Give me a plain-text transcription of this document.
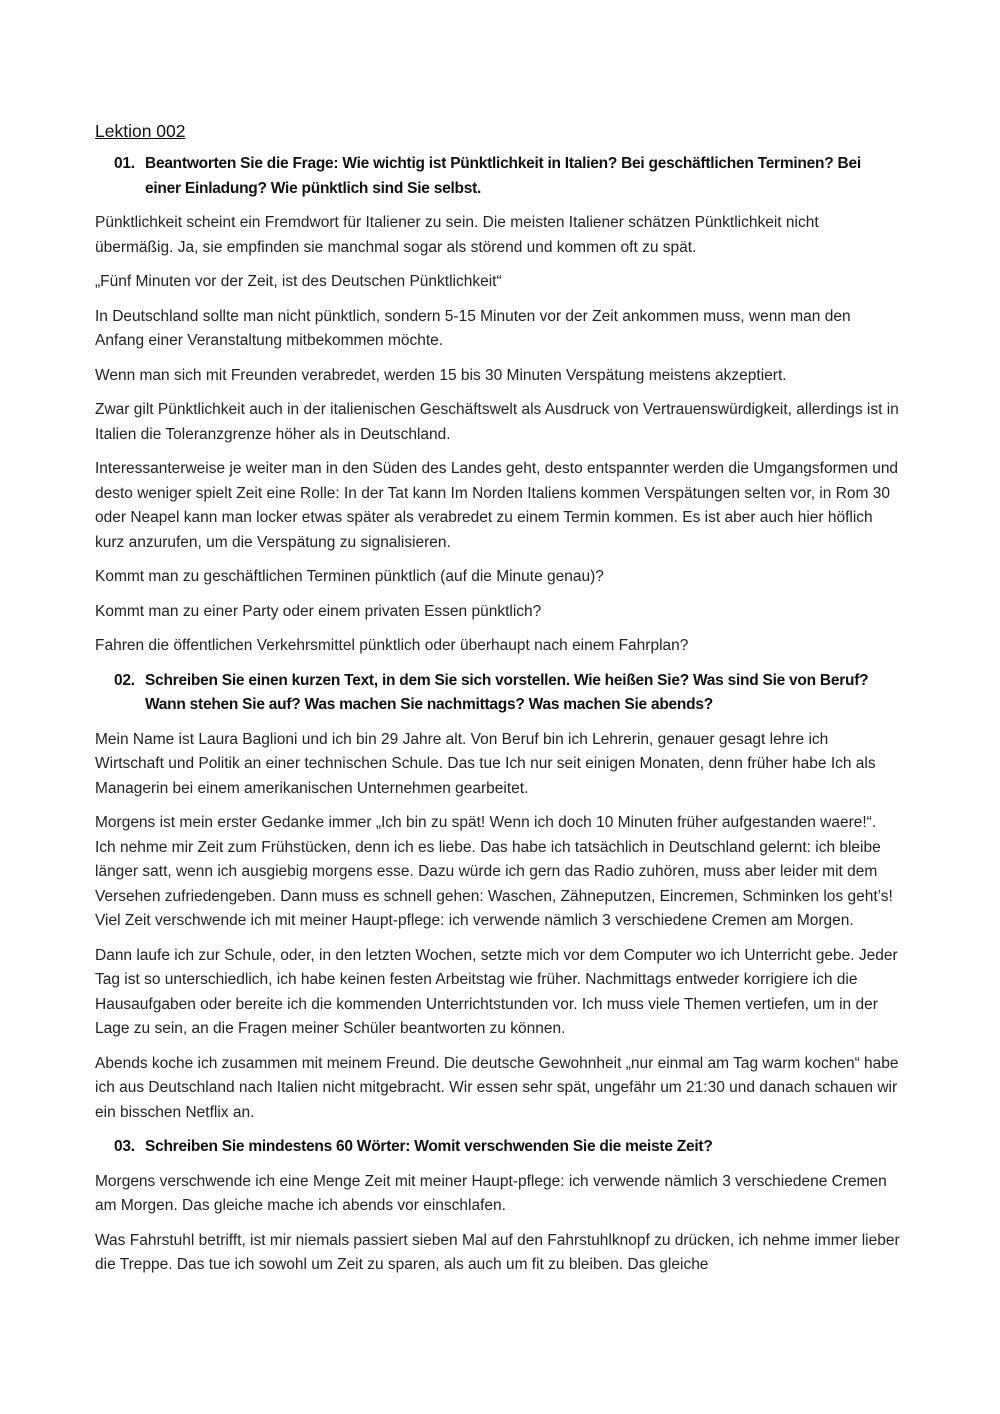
Lektion 002
01. Beantworten Sie die Frage: Wie wichtig ist Pünktlichkeit in Italien? Bei geschäftlichen Terminen? Bei einer Einladung? Wie pünktlich sind Sie selbst.

Pünktlichkeit scheint ein Fremdwort für Italiener zu sein. Die meisten Italiener schätzen Pünktlichkeit nicht übermäßig. Ja, sie empfinden sie manchmal sogar als störend und kommen oft zu spät.

„Fünf Minuten vor der Zeit, ist des Deutschen Pünktlichkeit“

In Deutschland sollte man nicht pünktlich, sondern 5-15 Minuten vor der Zeit ankommen muss, wenn man den Anfang einer Veranstaltung mitbekommen möchte.

Wenn man sich mit Freunden verabredet, werden 15 bis 30 Minuten Verspätung meistens akzeptiert.

Zwar gilt Pünktlichkeit auch in der italienischen Geschäftswelt als Ausdruck von Vertrauenswürdigkeit, allerdings ist in Italien die Toleranzgrenze höher als in Deutschland.

Interessanterweise je weiter man in den Süden des Landes geht, desto entspannter werden die Umgangsformen und desto weniger spielt Zeit eine Rolle: In der Tat kann Im Norden Italiens kommen Verspätungen selten vor, in Rom 30 oder Neapel kann man locker etwas später als verabredet zu einem Termin kommen. Es ist aber auch hier höflich kurz anzurufen, um die Verspätung zu signalisieren.

Kommt man zu geschäftlichen Terminen pünktlich (auf die Minute genau)?

Kommt man zu einer Party oder einem privaten Essen pünktlich?

Fahren die öffentlichen Verkehrsmittel pünktlich oder überhaupt nach einem Fahrplan?

02. Schreiben Sie einen kurzen Text, in dem Sie sich vorstellen. Wie heißen Sie? Was sind Sie von Beruf? Wann stehen Sie auf? Was machen Sie nachmittags? Was machen Sie abends?

Mein Name ist Laura Baglioni und ich bin 29 Jahre alt. Von Beruf bin ich Lehrerin, genauer gesagt lehre ich Wirtschaft und Politik an einer technischen Schule. Das tue Ich nur seit einigen Monaten, denn früher habe Ich als Managerin bei einem amerikanischen Unternehmen gearbeitet.

Morgens ist mein erster Gedanke immer „Ich bin zu spät! Wenn ich doch 10 Minuten früher aufgestanden waere!“. Ich nehme mir Zeit zum Frühstücken, denn ich es liebe. Das habe ich tatsächlich in Deutschland gelernt: ich bleibe länger satt, wenn ich ausgiebig morgens esse. Dazu würde ich gern das Radio zuhören, muss aber leider mit dem Versehen zufriedengeben. Dann muss es schnell gehen: Waschen, Zähneputzen, Eincremen, Schminken los geht’s! Viel Zeit verschwende ich mit meiner Haupt-pflege: ich verwende nämlich 3 verschiedene Cremen am Morgen.

Dann laufe ich zur Schule, oder, in den letzten Wochen, setzte mich vor dem Computer wo ich Unterricht gebe. Jeder Tag ist so unterschiedlich, ich habe keinen festen Arbeitstag wie früher. Nachmittags entweder korrigiere ich die Hausaufgaben oder bereite ich die kommenden Unterrichtstunden vor. Ich muss viele Themen vertiefen, um in der Lage zu sein, an die Fragen meiner Schüler beantworten zu können.

Abends koche ich zusammen mit meinem Freund. Die deutsche Gewohnheit „nur einmal am Tag warm kochen“ habe ich aus Deutschland nach Italien nicht mitgebracht. Wir essen sehr spät, ungefähr um 21:30 und danach schauen wir ein bisschen Netflix an.

03. Schreiben Sie mindestens 60 Wörter: Womit verschwenden Sie die meiste Zeit?

Morgens verschwende ich eine Menge Zeit mit meiner Haupt-pflege: ich verwende nämlich 3 verschiedene Cremen am Morgen. Das gleiche mache ich abends vor einschlafen.

Was Fahrstuhl betrifft, ist mir niemals passiert sieben Mal auf den Fahrstuhlknopf zu drücken, ich nehme immer lieber die Treppe. Das tue ich sowohl um Zeit zu sparen, als auch um fit zu bleiben. Das gleiche
